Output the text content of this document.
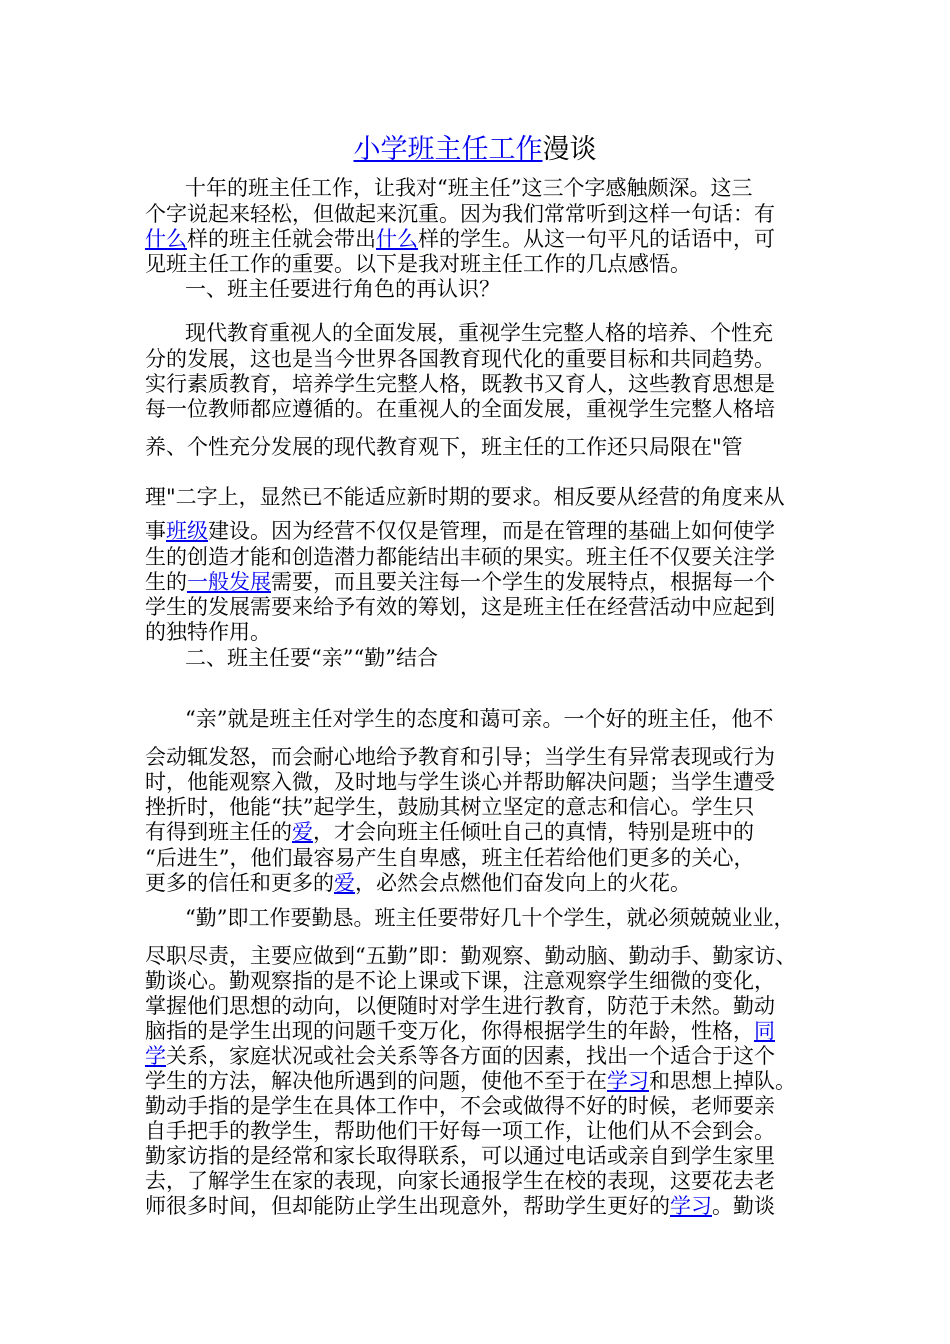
小学班主任工作漫谈
十年的班主任工作，让我对“班主任”这三个字感触颇深。这三
个字说起来轻松，但做起来沉重。因为我们常常听到这样一句话：有
什么样的班主任就会带出什么样的学生。从这一句平凡的话语中，可
见班主任工作的重要。以下是我对班主任工作的几点感悟。
一、班主任要进行角色的再认识？
现代教育重视人的全面发展，重视学生完整人格的培养、个性充
分的发展，这也是当今世界各国教育现代化的重要目标和共同趋势。
实行素质教育，培养学生完整人格，既教书又育人，这些教育思想是
每一位教师都应遵循的。在重视人的全面发展，重视学生完整人格培
养、个性充分发展的现代教育观下，班主任的工作还只局限在"管
理"二字上，显然已不能适应新时期的要求。相反要从经营的角度来从
事班级建设。因为经营不仅仅是管理，而是在管理的基础上如何使学
生的创造才能和创造潜力都能结出丰硕的果实。班主任不仅要关注学
生的一般发展需要，而且要关注每一个学生的发展特点，根据每一个
学生的发展需要来给予有效的筹划，这是班主任在经营活动中应起到
的独特作用。
二、班主任要“亲”“勤”结合
“亲”就是班主任对学生的态度和蔼可亲。一个好的班主任，他不
会动辄发怒，而会耐心地给予教育和引导；当学生有异常表现或行为
时，他能观察入微，及时地与学生谈心并帮助解决问题；当学生遭受
挫折时，他能“扶”起学生，鼓励其树立坚定的意志和信心。学生只
有得到班主任的爱，才会向班主任倾吐自己的真情，特别是班中的
“后进生”，他们最容易产生自卑感，班主任若给他们更多的关心，
更多的信任和更多的爱，必然会点燃他们奋发向上的火花。
“勤”即工作要勤恳。班主任要带好几十个学生，就必须兢兢业业，
尽职尽责，主要应做到“五勤”即：勤观察、勤动脑、勤动手、勤家访、
勤谈心。勤观察指的是不论上课或下课，注意观察学生细微的变化，
掌握他们思想的动向，以便随时对学生进行教育，防范于未然。勤动
脑指的是学生出现的问题千变万化，你得根据学生的年龄，性格，同
学关系，家庭状况或社会关系等各方面的因素，找出一个适合于这个
学生的方法，解决他所遇到的问题，使他不至于在学习和思想上掉队。
勤动手指的是学生在具体工作中，不会或做得不好的时候，老师要亲
自手把手的教学生，帮助他们干好每一项工作，让他们从不会到会。
勤家访指的是经常和家长取得联系，可以通过电话或亲自到学生家里
去，了解学生在家的表现，向家长通报学生在校的表现，这要花去老
师很多时间，但却能防止学生出现意外，帮助学生更好的学习。勤谈
